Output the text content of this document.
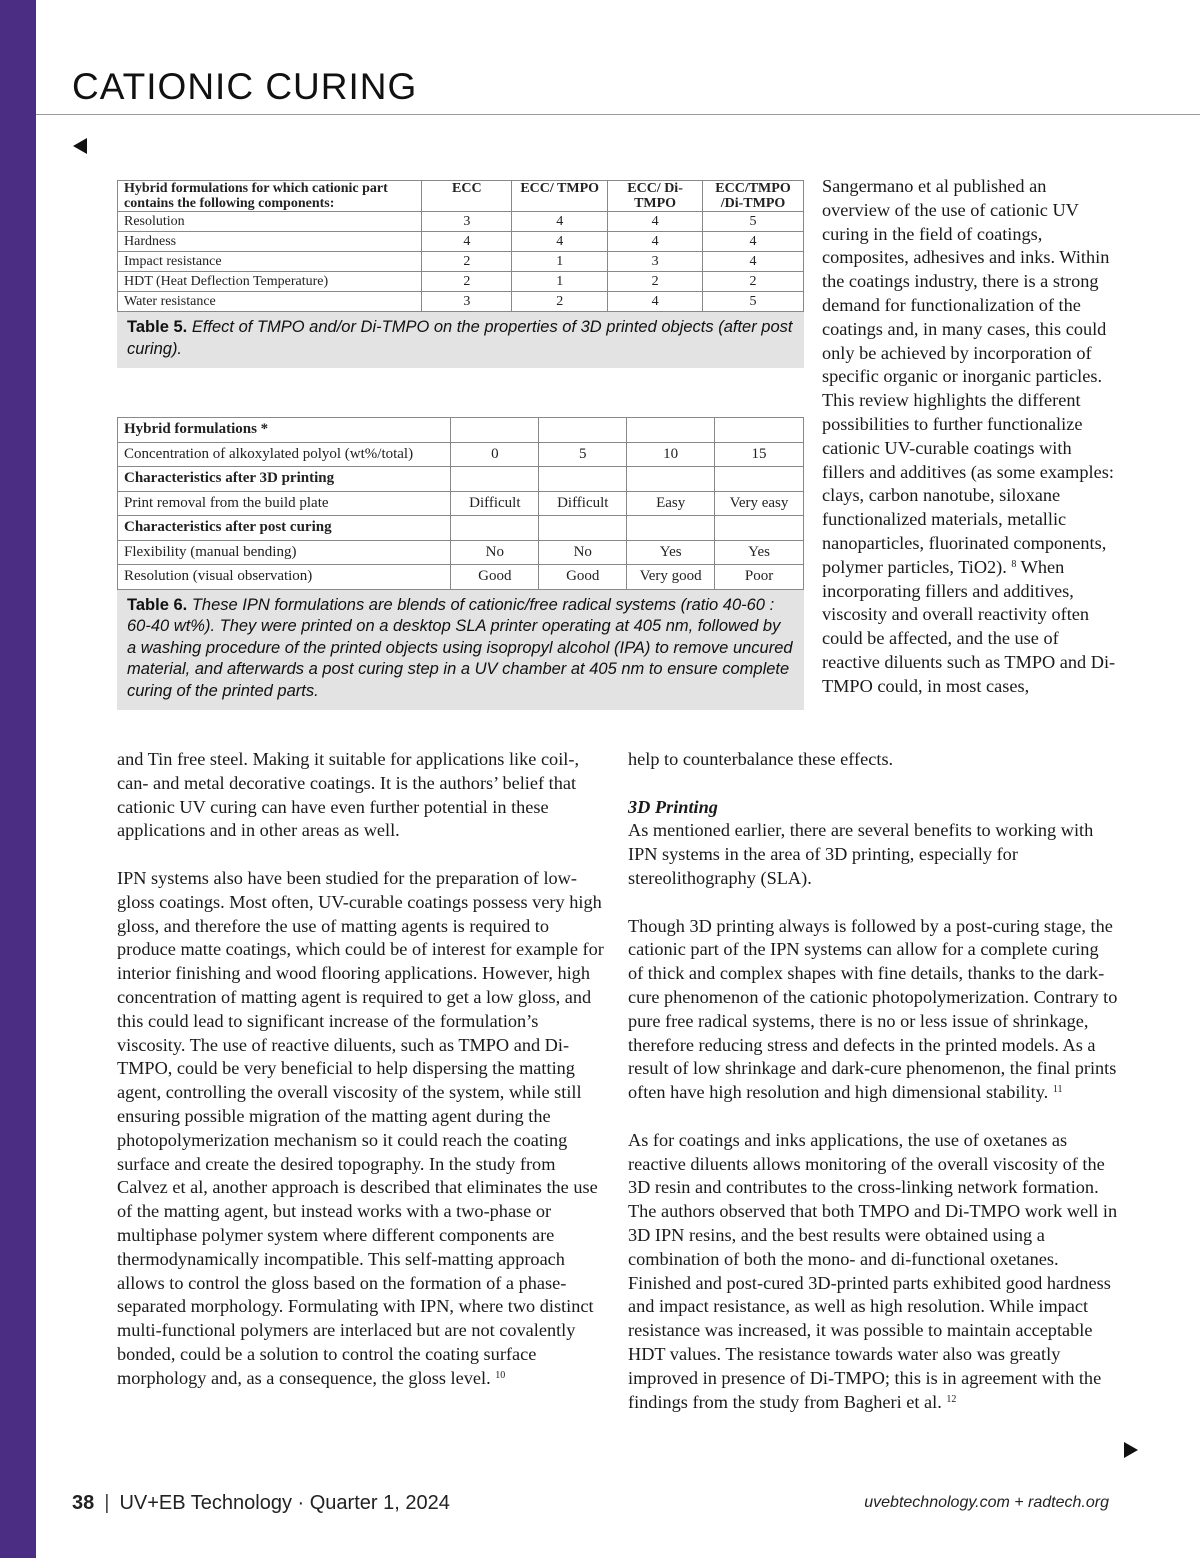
CATIONIC CURING
Hybrid formulations for which cationic part contains the following components:	ECC	ECC/ TMPO	ECC/ Di-TMPO	ECC/TMPO /Di-TMPO
Resolution	3	4	4	5
Hardness	4	4	4	4
Impact resistance	2	1	3	4
HDT (Heat Deflection Temperature)	2	1	2	2
Water resistance	3	2	4	5

Table 5. Effect of TMPO and/or Di-TMPO on the properties of 3D printed objects (after post curing).

Hybrid formulations *				
Concentration of alkoxylated polyol (wt%/total)	0	5	10	15
Characteristics after 3D printing				
Print removal from the build plate	Difficult	Difficult	Easy	Very easy
Characteristics after post curing				
Flexibility (manual bending)	No	No	Yes	Yes
Resolution (visual observation)	Good	Good	Very good	Poor

Table 6. These IPN formulations are blends of cationic/free radical systems (ratio 40-60 : 60-40 wt%). They were printed on a desktop SLA printer operating at 405 nm, followed by a washing procedure of the printed objects using isopropyl alcohol (IPA) to remove uncured material, and afterwards a post curing step in a UV chamber at 405 nm to ensure complete curing of the printed parts.

Sangermano et al published an overview of the use of cationic UV curing in the field of coatings, composites, adhesives and inks. Within the coatings industry, there is a strong demand for functionalization of the coatings and, in many cases, this could only be achieved by incorporation of specific organic or inorganic particles. This review highlights the different possibilities to further functionalize cationic UV-curable coatings with fillers and additives (as some examples: clays, carbon nanotube, siloxane functionalized materials, metallic nanoparticles, fluorinated components, polymer particles, TiO2). $^8$ When incorporating fillers and additives, viscosity and overall reactivity often could be affected, and the use of reactive diluents such as TMPO and Di-TMPO could, in most cases,

and Tin free steel. Making it suitable for applications like coil-, can- and metal decorative coatings. It is the authors’ belief that cationic UV curing can have even further potential in these applications and in other areas as well.

IPN systems also have been studied for the preparation of low-gloss coatings. Most often, UV-curable coatings possess very high gloss, and therefore the use of matting agents is required to produce matte coatings, which could be of interest for example for interior finishing and wood flooring applications. However, high concentration of matting agent is required to get a low gloss, and this could lead to significant increase of the formulation’s viscosity. The use of reactive diluents, such as TMPO and Di-TMPO, could be very beneficial to help dispersing the matting agent, controlling the overall viscosity of the system, while still ensuring possible migration of the matting agent during the photopolymerization mechanism so it could reach the coating surface and create the desired topography. In the study from Calvez et al, another approach is described that eliminates the use of the matting agent, but instead works with a two-phase or multiphase polymer system where different components are thermodynamically incompatible. This self-matting approach allows to control the gloss based on the formation of a phase-separated morphology. Formulating with IPN, where two distinct multi-functional polymers are interlaced but are not covalently bonded, could be a solution to control the coating surface morphology and, as a consequence, the gloss level. $^{10}$

help to counterbalance these effects.

3D Printing

As mentioned earlier, there are several benefits to working with IPN systems in the area of 3D printing, especially for stereolithography (SLA).

Though 3D printing always is followed by a post-curing stage, the cationic part of the IPN systems can allow for a complete curing of thick and complex shapes with fine details, thanks to the dark-cure phenomenon of the cationic photopolymerization. Contrary to pure free radical systems, there is no or less issue of shrinkage, therefore reducing stress and defects in the printed models. As a result of low shrinkage and dark-cure phenomenon, the final prints often have high resolution and high dimensional stability. $^{11}$

As for coatings and inks applications, the use of oxetanes as reactive diluents allows monitoring of the overall viscosity of the 3D resin and contributes to the cross-linking network formation. The authors observed that both TMPO and Di-TMPO work well in 3D IPN resins, and the best results were obtained using a combination of both the mono- and di-functional oxetanes. Finished and post-cured 3D-printed parts exhibited good hardness and impact resistance, as well as high resolution. While impact resistance was increased, it was possible to maintain acceptable HDT values. The resistance towards water also was greatly improved in presence of Di-TMPO; this is in agreement with the findings from the study from Bagheri et al. $^{12}$

38 | UV+EB Technology · Quarter 1, 2024	uvebtechnology.com + radtech.org
